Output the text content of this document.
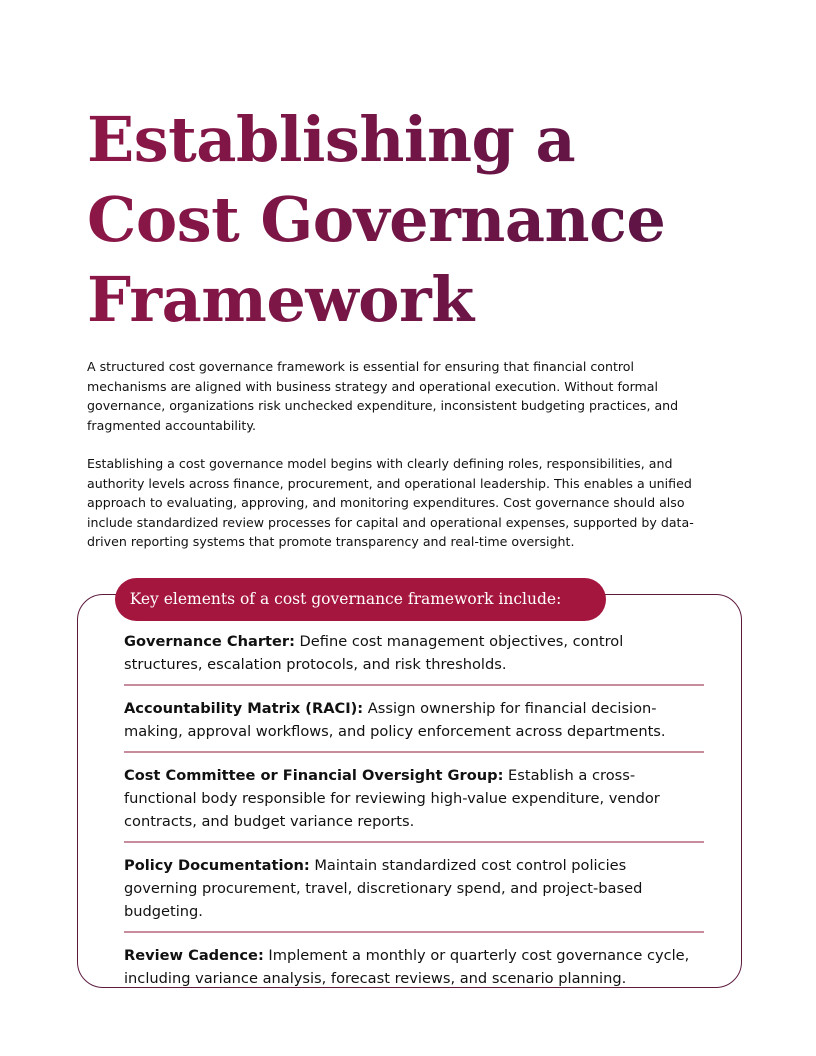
Establishing a
Cost Governance
Framework

A structured cost governance framework is essential for ensuring that financial control mechanisms are aligned with business strategy and operational execution. Without formal governance, organizations risk unchecked expenditure, inconsistent budgeting practices, and fragmented accountability.

Establishing a cost governance model begins with clearly defining roles, responsibilities, and authority levels across finance, procurement, and operational leadership. This enables a unified approach to evaluating, approving, and monitoring expenditures. Cost governance should also include standardized review processes for capital and operational expenses, supported by data-driven reporting systems that promote transparency and real-time oversight.

Key elements of a cost governance framework include:
Governance Charter: Define cost management objectives, control structures, escalation protocols, and risk thresholds.
Accountability Matrix (RACI): Assign ownership for financial decision-making, approval workflows, and policy enforcement across departments.
Cost Committee or Financial Oversight Group: Establish a cross-functional body responsible for reviewing high-value expenditure, vendor contracts, and budget variance reports.
Policy Documentation: Maintain standardized cost control policies governing procurement, travel, discretionary spend, and project-based budgeting.
Review Cadence: Implement a monthly or quarterly cost governance cycle, including variance analysis, forecast reviews, and scenario planning.
